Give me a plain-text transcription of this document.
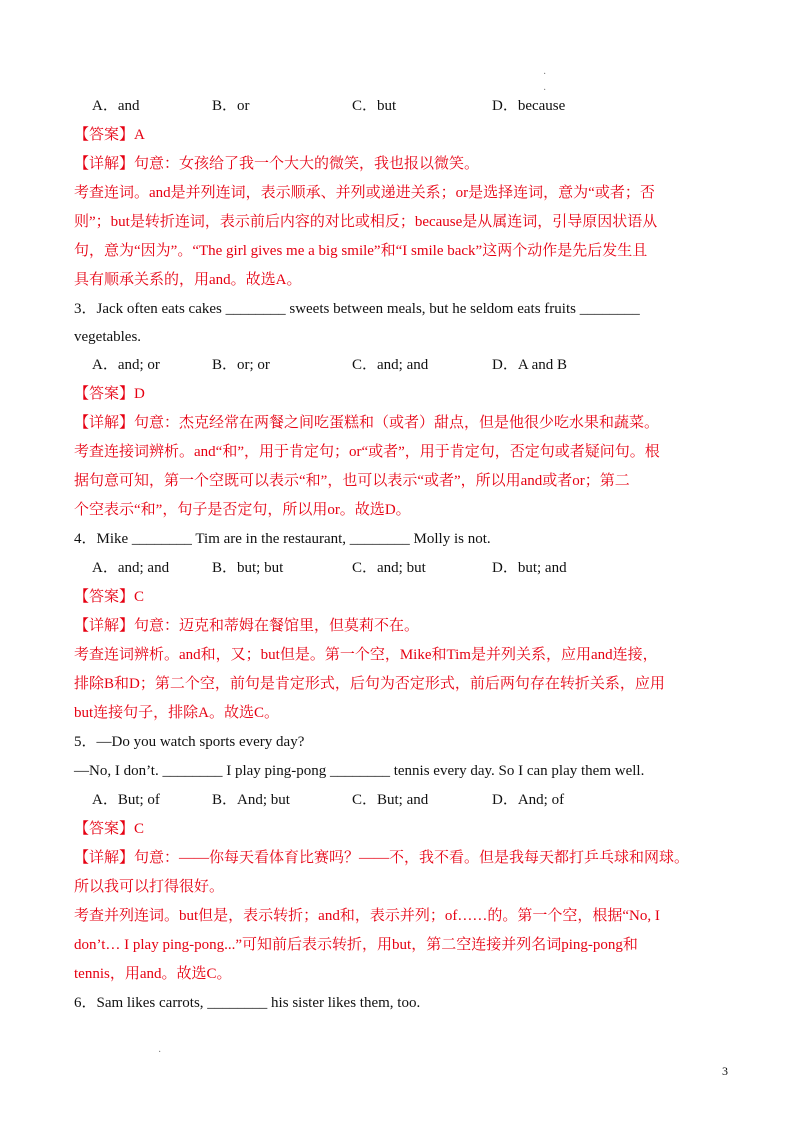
·
·
A．and	B．or	C．but	D．because
【答案】A
【详解】句意：女孩给了我一个大大的微笑，我也报以微笑。
考查连词。and是并列连词，表示顺承、并列或递进关系；or是选择连词，意为“或者；否
则”；but是转折连词，表示前后内容的对比或相反；because是从属连词，引导原因状语从
句，意为“因为”。“The girl gives me a big smile”和“I smile back”这两个动作是先后发生且
具有顺承关系的，用and。故选A。
3．Jack often eats cakes ________ sweets between meals, but he seldom eats fruits ________
vegetables.
A．and; or	B．or; or	C．and; and	D．A and B
【答案】D
【详解】句意：杰克经常在两餐之间吃蛋糕和（或者）甜点，但是他很少吃水果和蔬菜。
考查连接词辨析。and“和”，用于肯定句；or“或者”，用于肯定句，否定句或者疑问句。根
据句意可知，第一个空既可以表示“和”，也可以表示“或者”，所以用and或者or；第二
个空表示“和”，句子是否定句，所以用or。故选D。
4．Mike ________ Tim are in the restaurant, ________ Molly is not.
A．and; and	B．but; but	C．and; but	D．but; and
【答案】C
【详解】句意：迈克和蒂姆在餐馆里，但莫莉不在。
考查连词辨析。and和，又；but但是。第一个空，Mike和Tim是并列关系，应用and连接，
排除B和D；第二个空，前句是肯定形式，后句为否定形式，前后两句存在转折关系，应用
but连接句子，排除A。故选C。
5．—Do you watch sports every day?
—No, I don’t. ________ I play ping-pong ________ tennis every day. So I can play them well.
A．But; of	B．And; but	C．But; and	D．And; of
【答案】C
【详解】句意：——你每天看体育比赛吗？——不，我不看。但是我每天都打乒乓球和网球。
所以我可以打得很好。
考查并列连词。but但是，表示转折；and和，表示并列；of……的。第一个空，根据“No, I
don’t… I play ping-pong...”可知前后表示转折，用but，第二空连接并列名词ping-pong和
tennis，用and。故选C。
6．Sam likes carrots, ________ his sister likes them, too.
·
3
